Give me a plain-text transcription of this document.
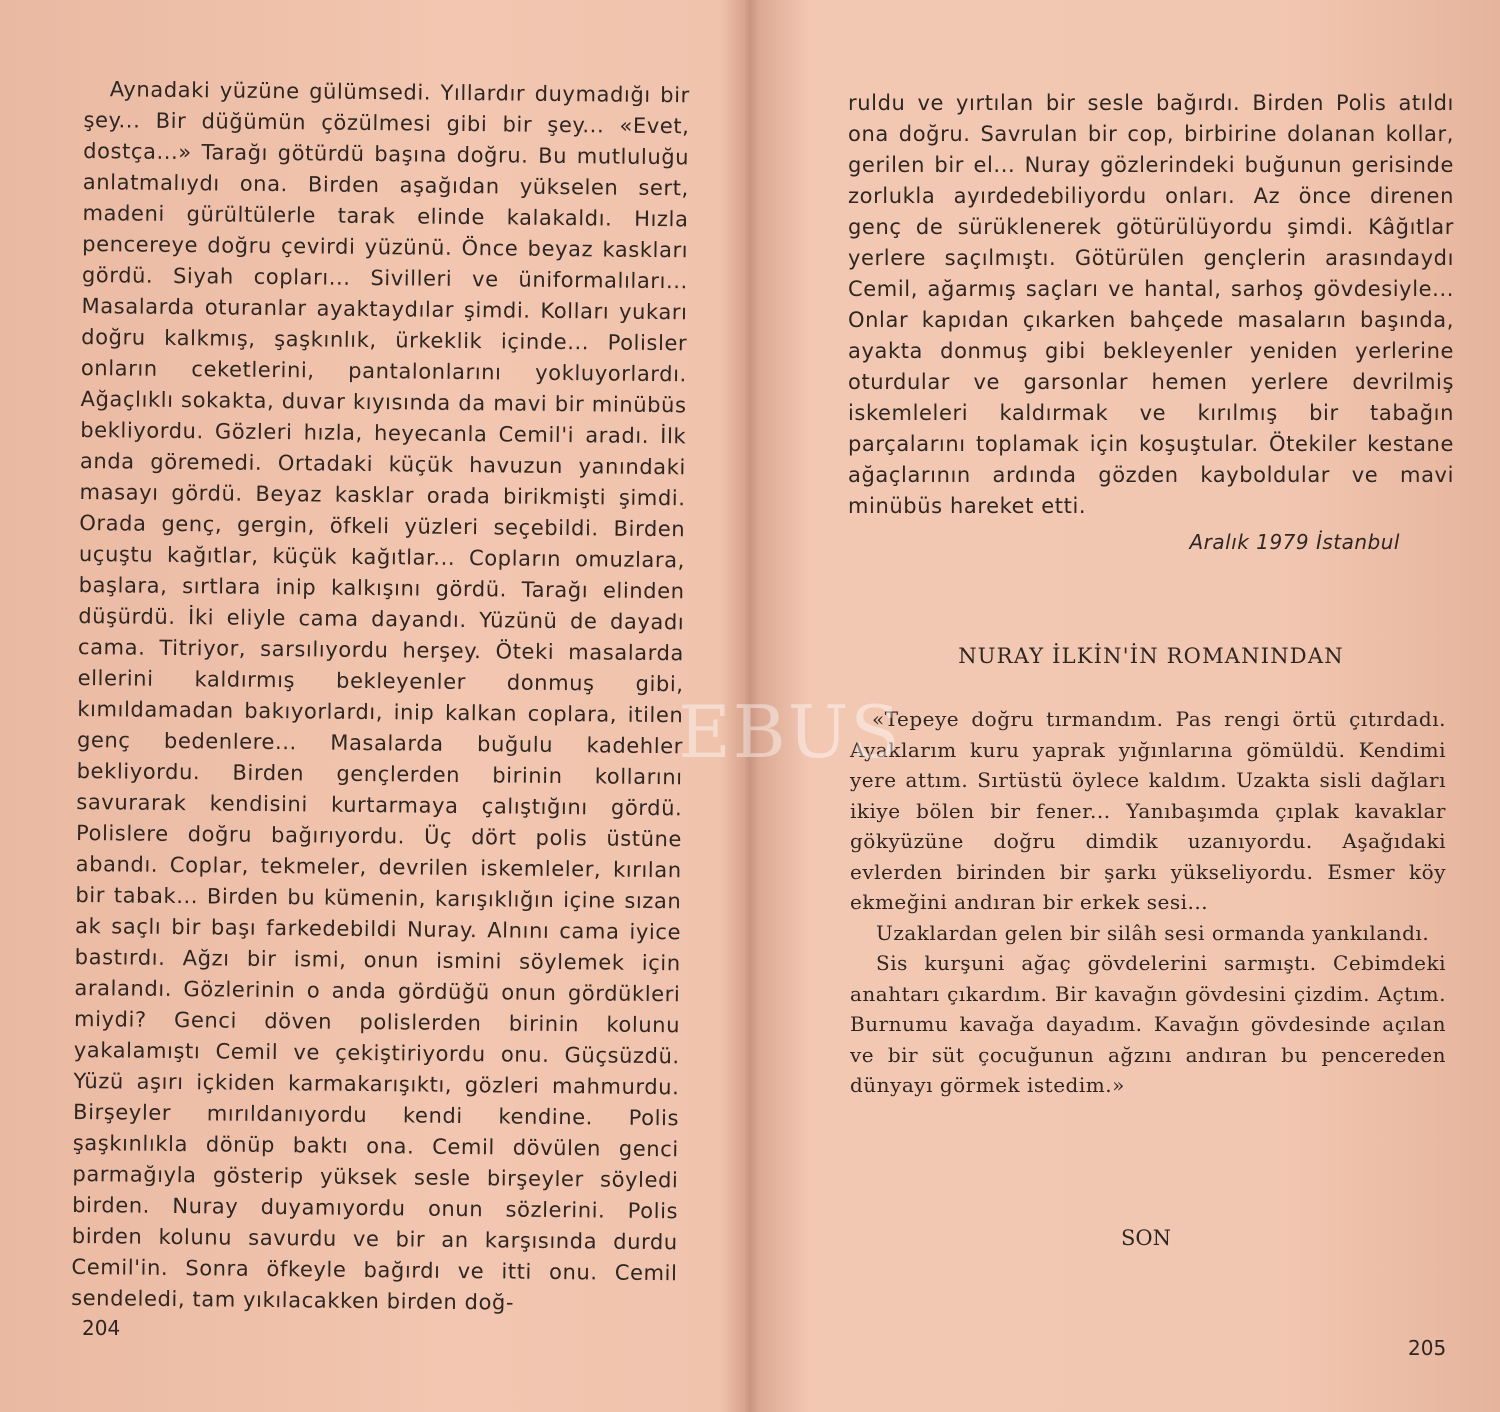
Aynadaki yüzüne gülümsedi. Yıllardır duymadığı bir şey... Bir düğümün çözülmesi gibi bir şey... «Evet, dostça...» Tarağı götürdü başına doğru. Bu mutluluğu anlatmalıydı ona. Birden aşağıdan yükselen sert, madeni gürültülerle tarak elinde kalakaldı. Hızla pencereye doğru çevirdi yüzünü. Önce beyaz kaskları gördü. Siyah copları... Sivilleri ve üniformalıları... Masalarda oturanlar ayaktaydılar şimdi. Kolları yukarı doğru kalkmış, şaşkınlık, ürkeklik içinde... Polisler onların ceketlerini, pantalonlarını yokluyorlardı. Ağaçlıklı sokakta, duvar kıyısında da mavi bir minübüs bekliyordu. Gözleri hızla, heyecanla Cemil'i aradı. İlk anda göremedi. Ortadaki küçük havuzun yanındaki masayı gördü. Beyaz kasklar orada birikmişti şimdi. Orada genç, gergin, öfkeli yüzleri seçebildi. Birden uçuştu kağıtlar, küçük kağıtlar... Copların omuzlara, başlara, sırtlara inip kalkışını gördü. Tarağı elinden düşürdü. İki eliyle cama dayandı. Yüzünü de dayadı cama. Titriyor, sarsılıyordu herşey. Öteki masalarda ellerini kaldırmış bekleyenler donmuş gibi, kımıldamadan bakıyorlardı, inip kalkan coplara, itilen genç bedenlere... Masalarda buğulu kadehler bekliyordu. Birden gençlerden birinin kollarını savurarak kendisini kurtarmaya çalıştığını gördü. Polislere doğru bağırıyordu. Üç dört polis üstüne abandı. Coplar, tekmeler, devrilen iskemleler, kırılan bir tabak... Birden bu kümenin, karışıklığın içine sızan ak saçlı bir başı farkedebildi Nuray. Alnını cama iyice bastırdı. Ağzı bir ismi, onun ismini söylemek için aralandı. Gözlerinin o anda gördüğü onun gördükleri miydi? Genci döven polislerden birinin kolunu yakalamıştı Cemil ve çekiştiriyordu onu. Güçsüzdü. Yüzü aşırı içkiden karmakarışıktı, gözleri mahmurdu. Birşeyler mırıldanıyordu kendi kendine. Polis şaşkınlıkla dönüp baktı ona. Cemil dövülen genci parmağıyla gösterip yüksek sesle birşeyler söyledi birden. Nuray duyamıyordu onun sözlerini. Polis birden kolunu savurdu ve bir an karşısında durdu Cemil'in. Sonra öfkeyle bağırdı ve itti onu. Cemil sendeledi, tam yıkılacakken birden doğ-

204

ruldu ve yırtılan bir sesle bağırdı. Birden Polis atıldı ona doğru. Savrulan bir cop, birbirine dolanan kollar, gerilen bir el... Nuray gözlerindeki buğunun gerisinde zorlukla ayırdedebiliyordu onları. Az önce direnen genç de sürüklenerek götürülüyordu şimdi. Kâğıtlar yerlere saçılmıştı. Götürülen gençlerin arasındaydı Cemil, ağarmış saçları ve hantal, sarhoş gövdesiyle... Onlar kapıdan çıkarken bahçede masaların başında, ayakta donmuş gibi bekleyenler yeniden yerlerine oturdular ve garsonlar hemen yerlere devrilmiş iskemleleri kaldırmak ve kırılmış bir tabağın parçalarını toplamak için koşuştular. Ötekiler kestane ağaçlarının ardında gözden kayboldular ve mavi minübüs hareket etti.

Aralık 1979 İstanbul
NURAY İLKİN'İN ROMANINDAN

«Tepeye doğru tırmandım. Pas rengi örtü çıtırdadı. Ayaklarım kuru yaprak yığınlarına gömüldü. Kendimi yere attım. Sırtüstü öylece kaldım. Uzakta sisli dağları ikiye bölen bir fener... Yanıbaşımda çıplak kavaklar gökyüzüne doğru dimdik uzanıyordu. Aşağıdaki evlerden birinden bir şarkı yükseliyordu. Esmer köy ekmeğini andıran bir erkek sesi...

Uzaklardan gelen bir silâh sesi ormanda yankılandı.

Sis kurşuni ağaç gövdelerini sarmıştı. Cebimdeki anahtarı çıkardım. Bir kavağın gövdesini çizdim. Açtım. Burnumu kavağa dayadım. Kavağın gövdesinde açılan ve bir süt çocuğunun ağzını andıran bu pencereden dünyayı görmek istedim.»

SON
205
EBUS
